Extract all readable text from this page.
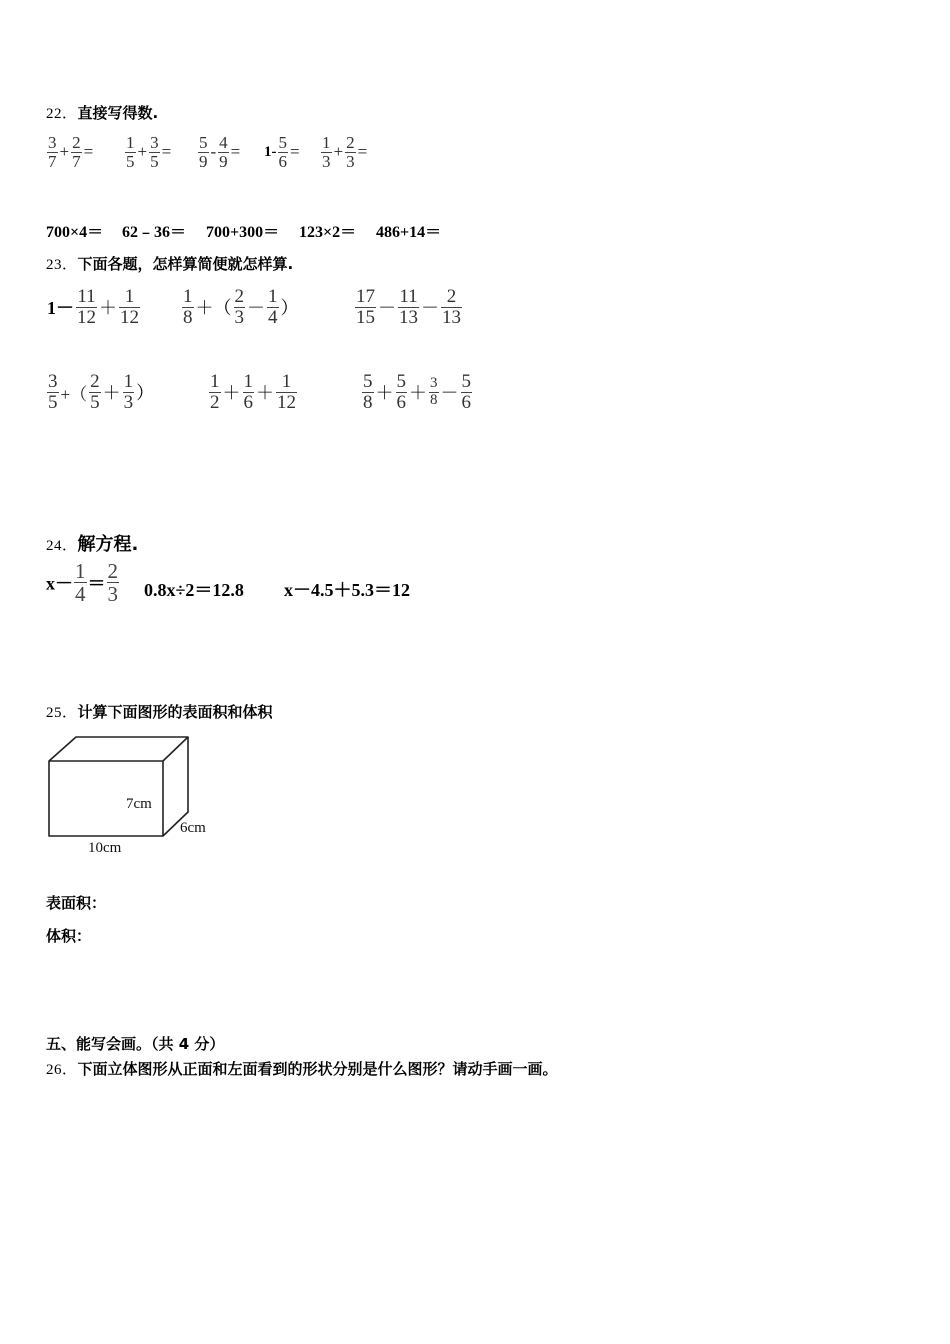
22．直接写得数.
$\frac{3}{7} + \frac{2}{7} = \frac{1}{5} + \frac{3}{5} = \frac{5}{9} - \frac{4}{9} = 1- \frac{5}{6} = \frac{1}{3} + \frac{2}{3}$ =
700×4＝ 62﹣36＝ 700+300＝ 123×2＝ 486+14＝
23．下面各题，怎样算简便就怎样算.
$1- \frac{11}{12} + \frac{1}{12} \frac{1}{8}$ ＋（ $\frac{2}{3} - \frac{1}{4}$ ）	$\frac{17}{15} - \frac{11}{13} - \frac{2}{13}$
$\frac{3}{5}$ +（ $\frac{2}{5} + \frac{1}{3}$ ）	$\frac{1}{2} + \frac{1}{6} + \frac{1}{12}$	$\frac{5}{8} + \frac{5}{6} + \frac{3}{8} - \frac{5}{6}$
24．解方程.
$x- \frac{1}{4} = \frac{2}{3} 0.8x\div 2=12.8$ x－4.5＋5.3＝12
25．计算下面图形的表面积和体积
7cm
6cm
10cm
表面积：
体积：
五、能写会画。（共 4 分）
26．下面立体图形从正面和左面看到的形状分别是什么图形？请动手画一画。
